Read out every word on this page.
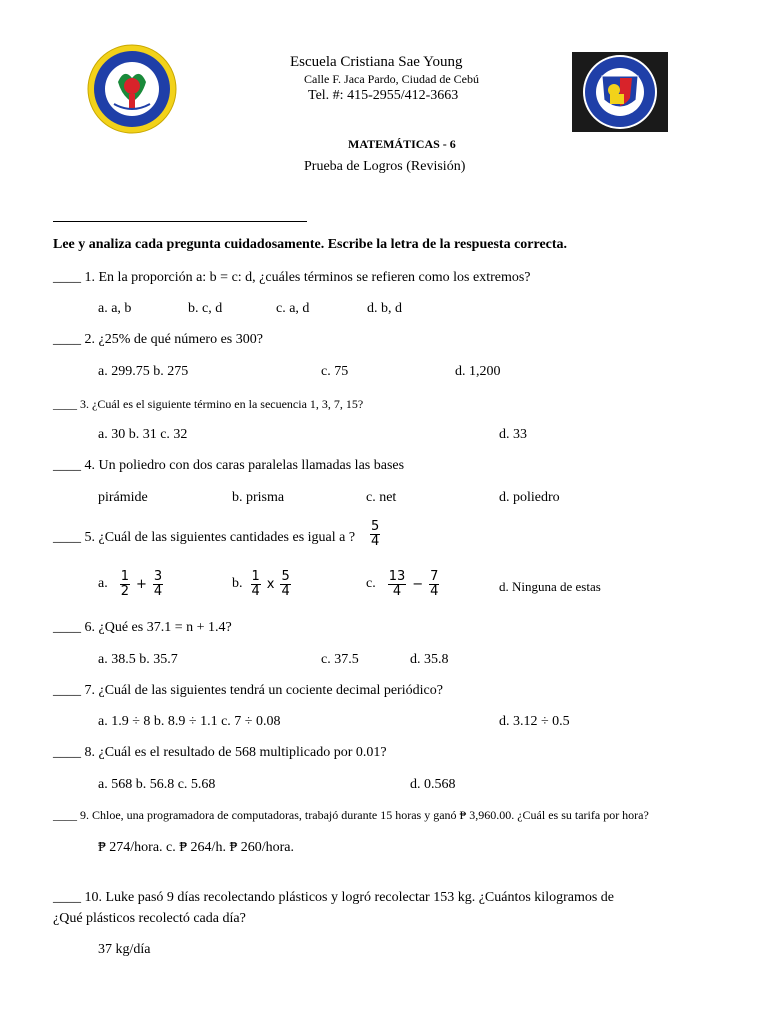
Escuela Cristiana Sae Young
Calle F. Jaca Pardo, Ciudad de Cebú
Tel. #: 415-2955/412-3663
MATEMÁTICAS - 6
Prueba de Logros (Revisión)
Lee y analiza cada pregunta cuidadosamente. Escribe la letra de la respuesta correcta.
____ 1. En la proporción a: b = c: d, ¿cuáles términos se refieren como los extremos?
a. a, b	b. c, d	c. a, d	d. b, d
____ 2. ¿25% de qué número es 300?
a. 299.75 b. 275	c. 75	d. 1,200
____ 3. ¿Cuál es el siguiente término en la secuencia 1, 3, 7, 15?
a. 30 b. 31 c. 32	d. 33
____ 4. Un poliedro con dos caras paralelas llamadas las bases
pirámide	b. prisma	c. net	d. poliedro
____ 5. ¿Cuál de las siguientes cantidades es igual a ? $\frac{5}{4}$
a. $\frac{1}{2} + \frac{3}{4}$	b. $\frac{1}{4}$ x $\frac{5}{4}$	c. $\frac{13}{4} - \frac{7}{4}$	d. Ninguna de estas
____ 6. ¿Qué es 37.1 = n + 1.4?
a. 38.5 b. 35.7	c. 37.5	d. 35.8
____ 7. ¿Cuál de las siguientes tendrá un cociente decimal periódico?
a. 1.9 ÷ 8 b. 8.9 ÷ 1.1 c. 7 ÷ 0.08	d. 3.12 ÷ 0.5
____ 8. ¿Cuál es el resultado de 568 multiplicado por 0.01?
a. 568 b. 56.8 c. 5.68	d. 0.568
____ 9. Chloe, una programadora de computadoras, trabajó durante 15 horas y ganó ₱ 3,960.00. ¿Cuál es su tarifa por hora?
₱ 274/hora. c. ₱ 264/h. ₱ 260/hora.
____ 10. Luke pasó 9 días recolectando plásticos y logró recolectar 153 kg. ¿Cuántos kilogramos de
¿Qué plásticos recolectó cada día?
37 kg/día
